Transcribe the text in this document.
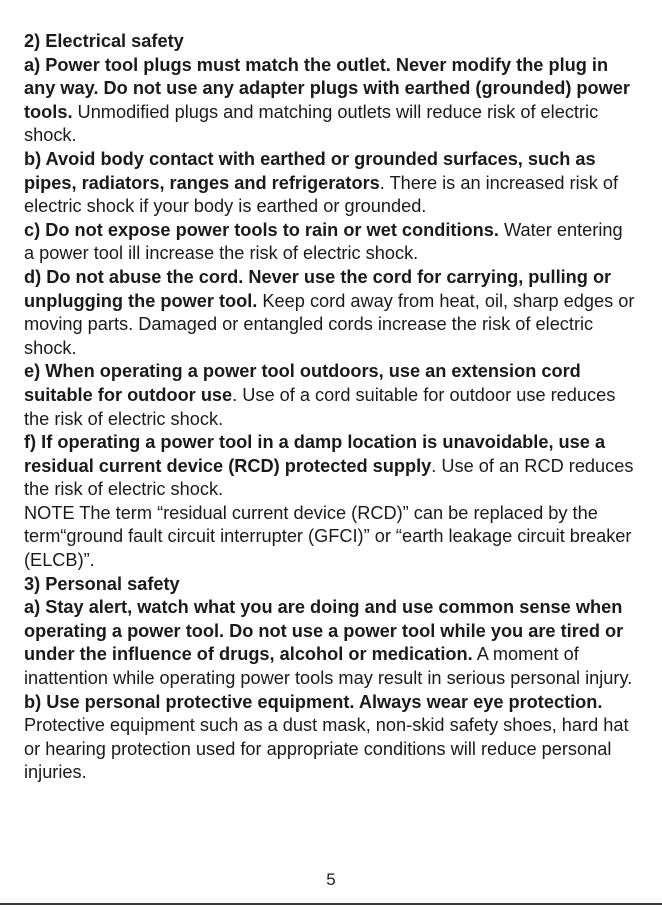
2) Electrical safety

a) Power tool plugs must match the outlet. Never modify the plug in any way. Do not use any adapter plugs with earthed (grounded) power tools. Unmodified plugs and matching outlets will reduce risk of electric shock.

b) Avoid body contact with earthed or grounded surfaces, such as pipes, radiators, ranges and refrigerators. There is an increased risk of electric shock if your body is earthed or grounded.

c) Do not expose power tools to rain or wet conditions. Water entering a power tool ill increase the risk of electric shock.

d) Do not abuse the cord. Never use the cord for carrying, pulling or unplugging the power tool. Keep cord away from heat, oil, sharp edges or moving parts. Damaged or entangled cords increase the risk of electric shock.

e) When operating a power tool outdoors, use an extension cord suitable for outdoor use. Use of a cord suitable for outdoor use reduces the risk of electric shock.

f) If operating a power tool in a damp location is unavoidable, use a residual current device (RCD) protected supply. Use of an RCD reduces the risk of electric shock.

NOTE The term “residual current device (RCD)” can be replaced by the term“ground fault circuit interrupter (GFCI)” or “earth leakage circuit breaker (ELCB)”.

3) Personal safety

a) Stay alert, watch what you are doing and use common sense when operating a power tool. Do not use a power tool while you are tired or under the influence of drugs, alcohol or medication. A moment of inattention while operating power tools may result in serious personal injury.

b) Use personal protective equipment. Always wear eye protection. Protective equipment such as a dust mask, non-skid safety shoes, hard hat or hearing protection used for appropriate conditions will reduce personal injuries.

5
